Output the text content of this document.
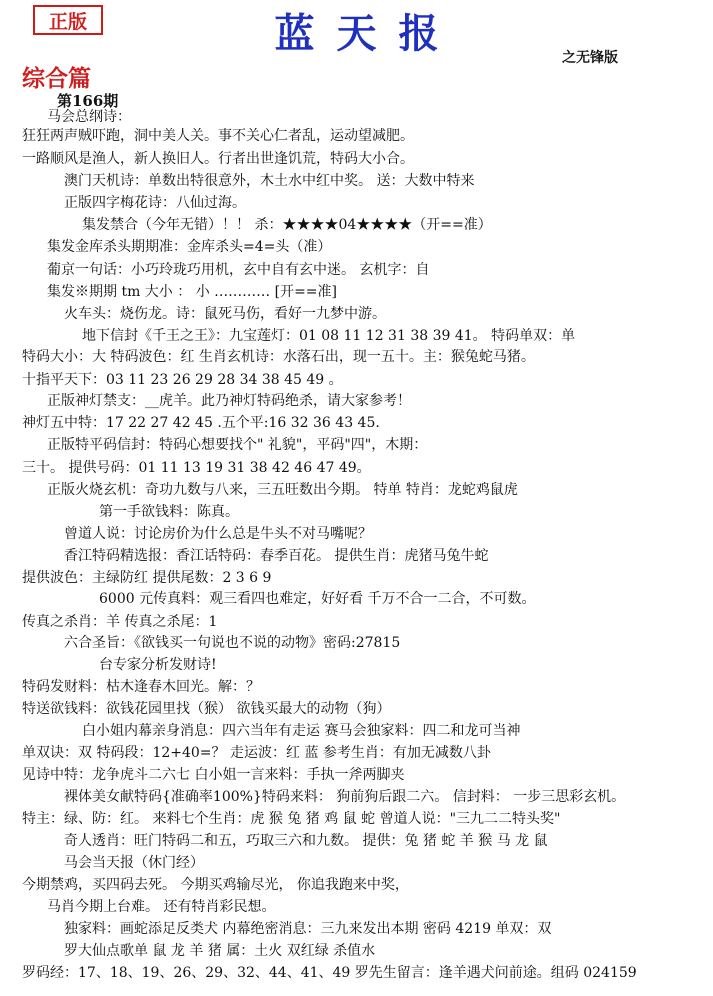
正版	蓝天报
之无锋版
综合篇
第166期
马会总纲诗：
狂狂两声贼吓跑，洞中美人关。事不关心仁者乱，运动望减肥。
一路顺风是渔人，新人换旧人。行者出世逢饥荒，特码大小合。
澳门天机诗：单数出特很意外，木土水中红中奖。 送：大数中特来
正版四字梅花诗：八仙过海。
集发禁合（今年无错）！！ 杀：★★★★04★★★★（开==准）
集发金库杀头期期准：金库杀头=4=头（准）
葡京一句话：小巧玲珑巧用机，玄中自有玄中迷。 玄机字：自
集发※期期 tm 大小 ： 小 ………… [开==准]
火车头：烧伤龙。诗：鼠死马伤，看好一九梦中游。
地下信封《千王之王》：九宝莲灯：01 08 11 12 31 38 39 41。 特码单双：单
特码大小：大 特码波色：红 生肖玄机诗：水落石出，现一五十。主：猴兔蛇马猪。
十指平天下：03 11 23 26 29 28 34 38 45 49 。
正版神灯禁支：__虎羊。此乃神灯特码绝杀，请大家参考！
神灯五中特：17 22 27 42 45 .五个平:16 32 36 43 45.
正版特平码信封：特码心想要找个" 礼貌"，平码"四"，木期：
三十。 提供号码：01 11 13 19 31 38 42 46 47 49。
正版火烧玄机：奇功九数与八来，三五旺数出今期。 特单 特肖：龙蛇鸡鼠虎
第一手欲钱料：陈真。
曾道人说：讨论房价为什么总是牛头不对马嘴呢？
香江特码精选报：香江话特码：春季百花。 提供生肖：虎猪马兔牛蛇
提供波色：主绿防红 提供尾数：2 3 6 9
6000 元传真料：观三看四也难定，好好看 千万不合一二合，不可数。
传真之杀肖：羊 传真之杀尾：1
六合圣旨：《欲钱买一句说也不说的动物》密码:27815
台专家分析发财诗!
特码发财料：枯木逢春木回光。解：？
特送欲钱料：欲钱花园里找（猴） 欲钱买最大的动物（狗）
白小姐内幕亲身消息：四六当年有走运 赛马会独家料：四二和龙可当神
单双诀：双 特码段：12+40=？ 走运波：红 蓝 参考生肖：有加无减数八卦
见诗中特：龙争虎斗二六七 白小姐一言来料：手执一斧两脚夹
裸体美女献特码{准确率100%}特码来料： 狗前狗后跟二六。 信封料： 一步三思彩玄机。
特主：绿、防：红。 来料七个生肖：虎 猴 兔 猪 鸡 鼠 蛇 曾道人说："三九二二特头奖"
奇人透肖：旺门特码二和五，巧取三六和九数。 提供：兔 猪 蛇 羊 猴 马 龙 鼠
马会当天报（休门经）
今期禁鸡，买四码去死。 今期买鸡输尽光， 你追我跑来中奖，
马肖今期上台难。 还有特肖彩民想。
独家料：画蛇添足反类犬 内幕绝密消息：三九来发出本期 密码 4219 单双：双
罗大仙点歌单 鼠 龙 羊 猪 属：土火 双红绿 杀值水
罗码经：17、18、19、26、29、32、44、41、49 罗先生留言：逢羊遇犬问前途。组码 024159
